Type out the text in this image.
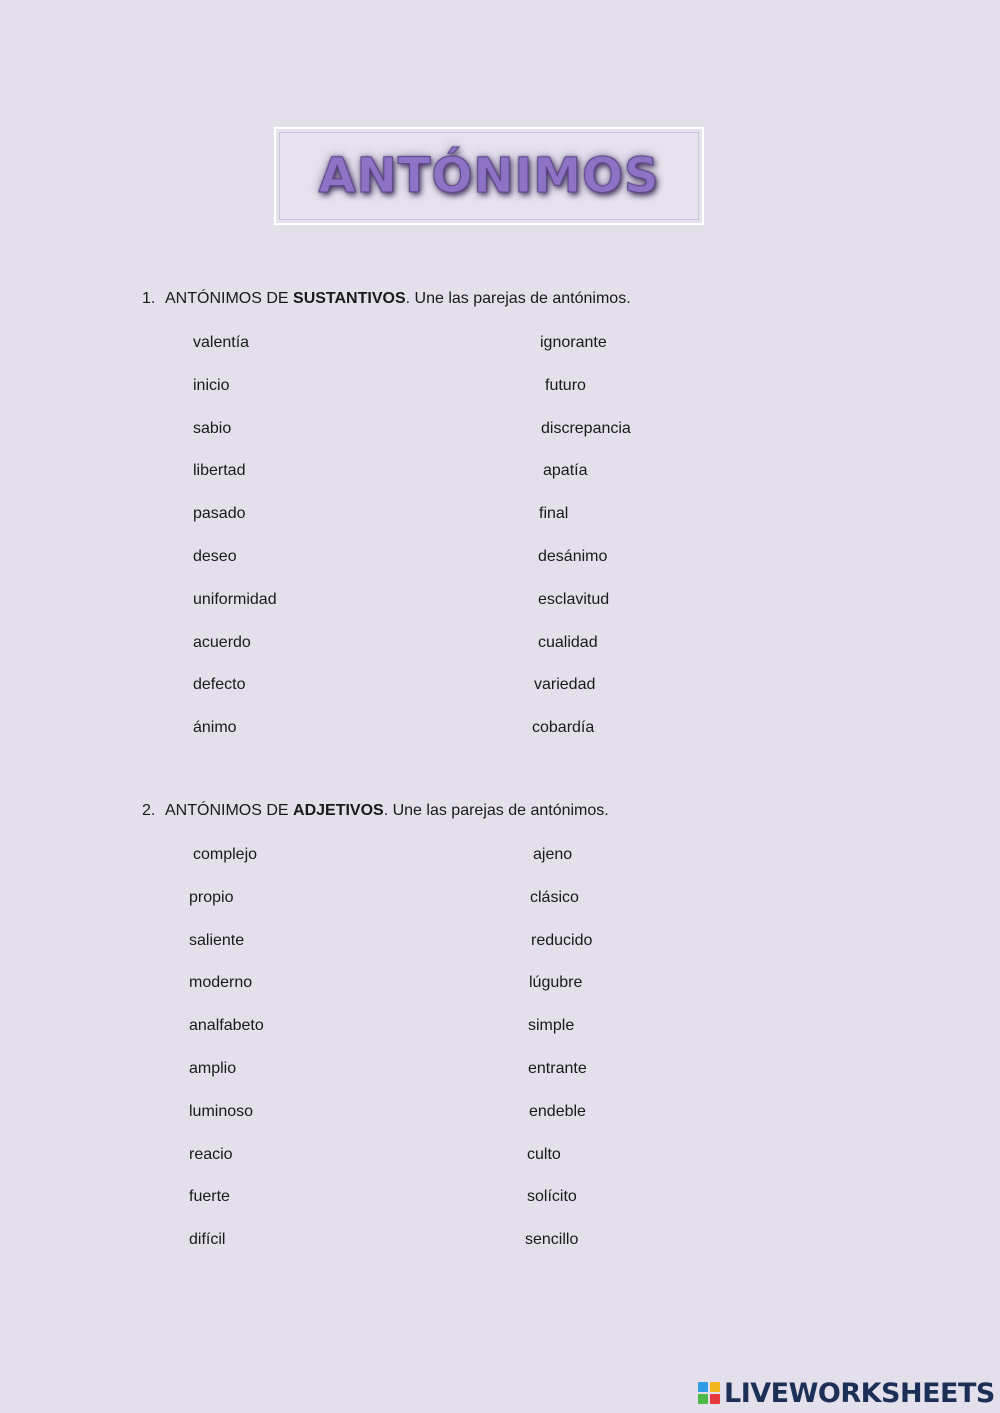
ANTÓNIMOS
1. ANTÓNIMOS DE SUSTANTIVOS. Une las parejas de antónimos.
valentía
inicio
sabio
libertad
pasado
deseo
uniformidad
acuerdo
defecto
ánimo
ignorante
futuro
discrepancia
apatía
final
desánimo
esclavitud
cualidad
variedad
cobardía
2. ANTÓNIMOS DE ADJETIVOS. Une las parejas de antónimos.
complejo
propio
saliente
moderno
analfabeto
amplio
luminoso
reacio
fuerte
difícil
ajeno
clásico
reducido
lúgubre
simple
entrante
endeble
culto
solícito
sencillo
LIVEWORKSHEETS
